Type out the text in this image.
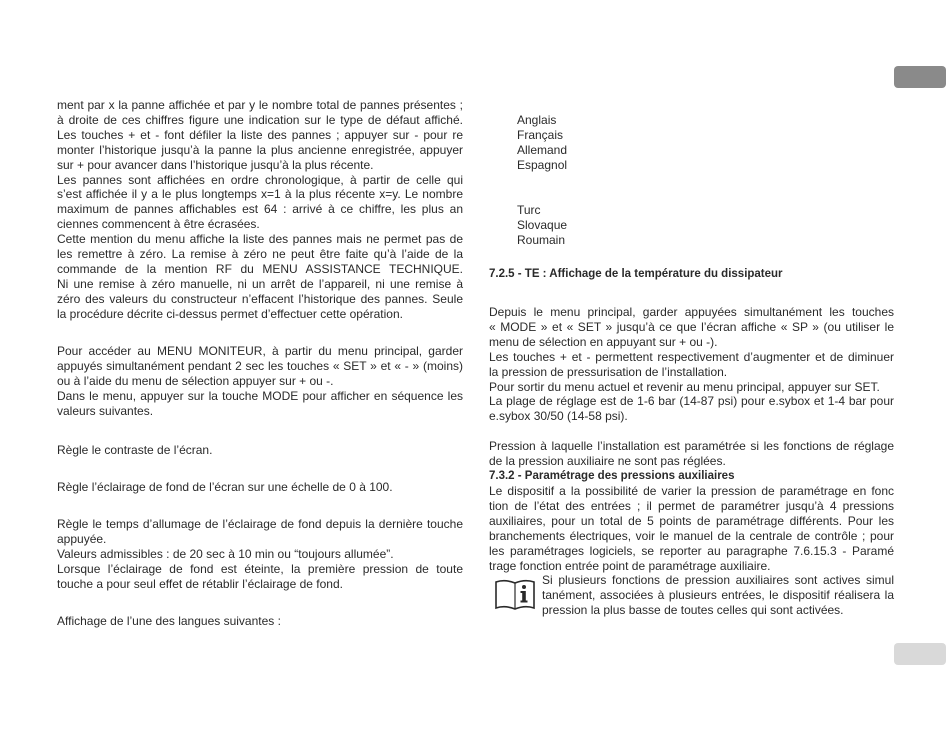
ment par x la panne affichée et par y le nombre total de pannes présentes ;
à droite de ces chiffres figure une indication sur le type de défaut affiché.
Les touches + et - font défiler la liste des pannes ; appuyer sur - pour re
monter l’historique jusqu’à la panne la plus ancienne enregistrée, appuyer
sur + pour avancer dans l’historique jusqu’à la plus récente.
Les pannes sont affichées en ordre chronologique, à partir de celle qui
s’est affichée il y a le plus longtemps x=1 à la plus récente x=y. Le nombre
maximum de pannes affichables est 64 : arrivé à ce chiffre, les plus an
ciennes commencent à être écrasées.
Cette mention du menu affiche la liste des pannes mais ne permet pas de
les remettre à zéro. La remise à zéro ne peut être faite qu’à l’aide de la
commande de la mention RF du MENU ASSISTANCE TECHNIQUE.
Ni une remise à zéro manuelle, ni un arrêt de l’appareil, ni une remise à
zéro des valeurs du constructeur n’effacent l’historique des pannes. Seule
la procédure décrite ci-dessus permet d’effectuer cette opération.
Pour accéder au MENU MONITEUR, à partir du menu principal, garder
appuyés simultanément pendant 2 sec les touches « SET » et « - » (moins)
ou à l’aide du menu de sélection appuyer sur + ou -.
Dans le menu, appuyer sur la touche MODE pour afficher en séquence les
valeurs suivantes.
Règle le contraste de l’écran.
Règle l’éclairage de fond de l’écran sur une échelle de 0 à 100.
Règle le temps d’allumage de l’éclairage de fond depuis la dernière touche
appuyée.
Valeurs admissibles : de 20 sec à 10 min ou “toujours allumée”.
Lorsque l’éclairage de fond est éteinte, la première pression de toute
touche a pour seul effet de rétablir l’éclairage de fond.
Affichage de l’une des langues suivantes :
Anglais
Français
Allemand
Espagnol
Turc
Slovaque
Roumain
7.2.5 - TE : Affichage de la température du dissipateur
Depuis le menu principal, garder appuyées simultanément les touches
« MODE » et « SET » jusqu’à ce que l’écran affiche « SP » (ou utiliser le
menu de sélection en appuyant sur + ou -).
Les touches + et - permettent respectivement d’augmenter et de diminuer
la pression de pressurisation de l’installation.
Pour sortir du menu actuel et revenir au menu principal, appuyer sur SET.
La plage de réglage est de 1-6 bar (14-87 psi) pour e.sybox et 1-4 bar pour
e.sybox 30/50 (14-58 psi).
Pression à laquelle l’installation est paramétrée si les fonctions de réglage
de la pression auxiliaire ne sont pas réglées.
7.3.2 - Paramétrage des pressions auxiliaires
Le dispositif a la possibilité de varier la pression de paramétrage en fonc
tion de l’état des entrées ; il permet de paramétrer jusqu’à 4 pressions
auxiliaires, pour un total de 5 points de paramétrage différents. Pour les
branchements électriques, voir le manuel de la centrale de contrôle ; pour
les paramétrages logiciels, se reporter au paragraphe 7.6.15.3 - Paramé
trage fonction entrée point de paramétrage auxiliaire.
Si plusieurs fonctions de pression auxiliaires sont actives simul
tanément, associées à plusieurs entrées, le dispositif réalisera la
pression la plus basse de toutes celles qui sont activées.
